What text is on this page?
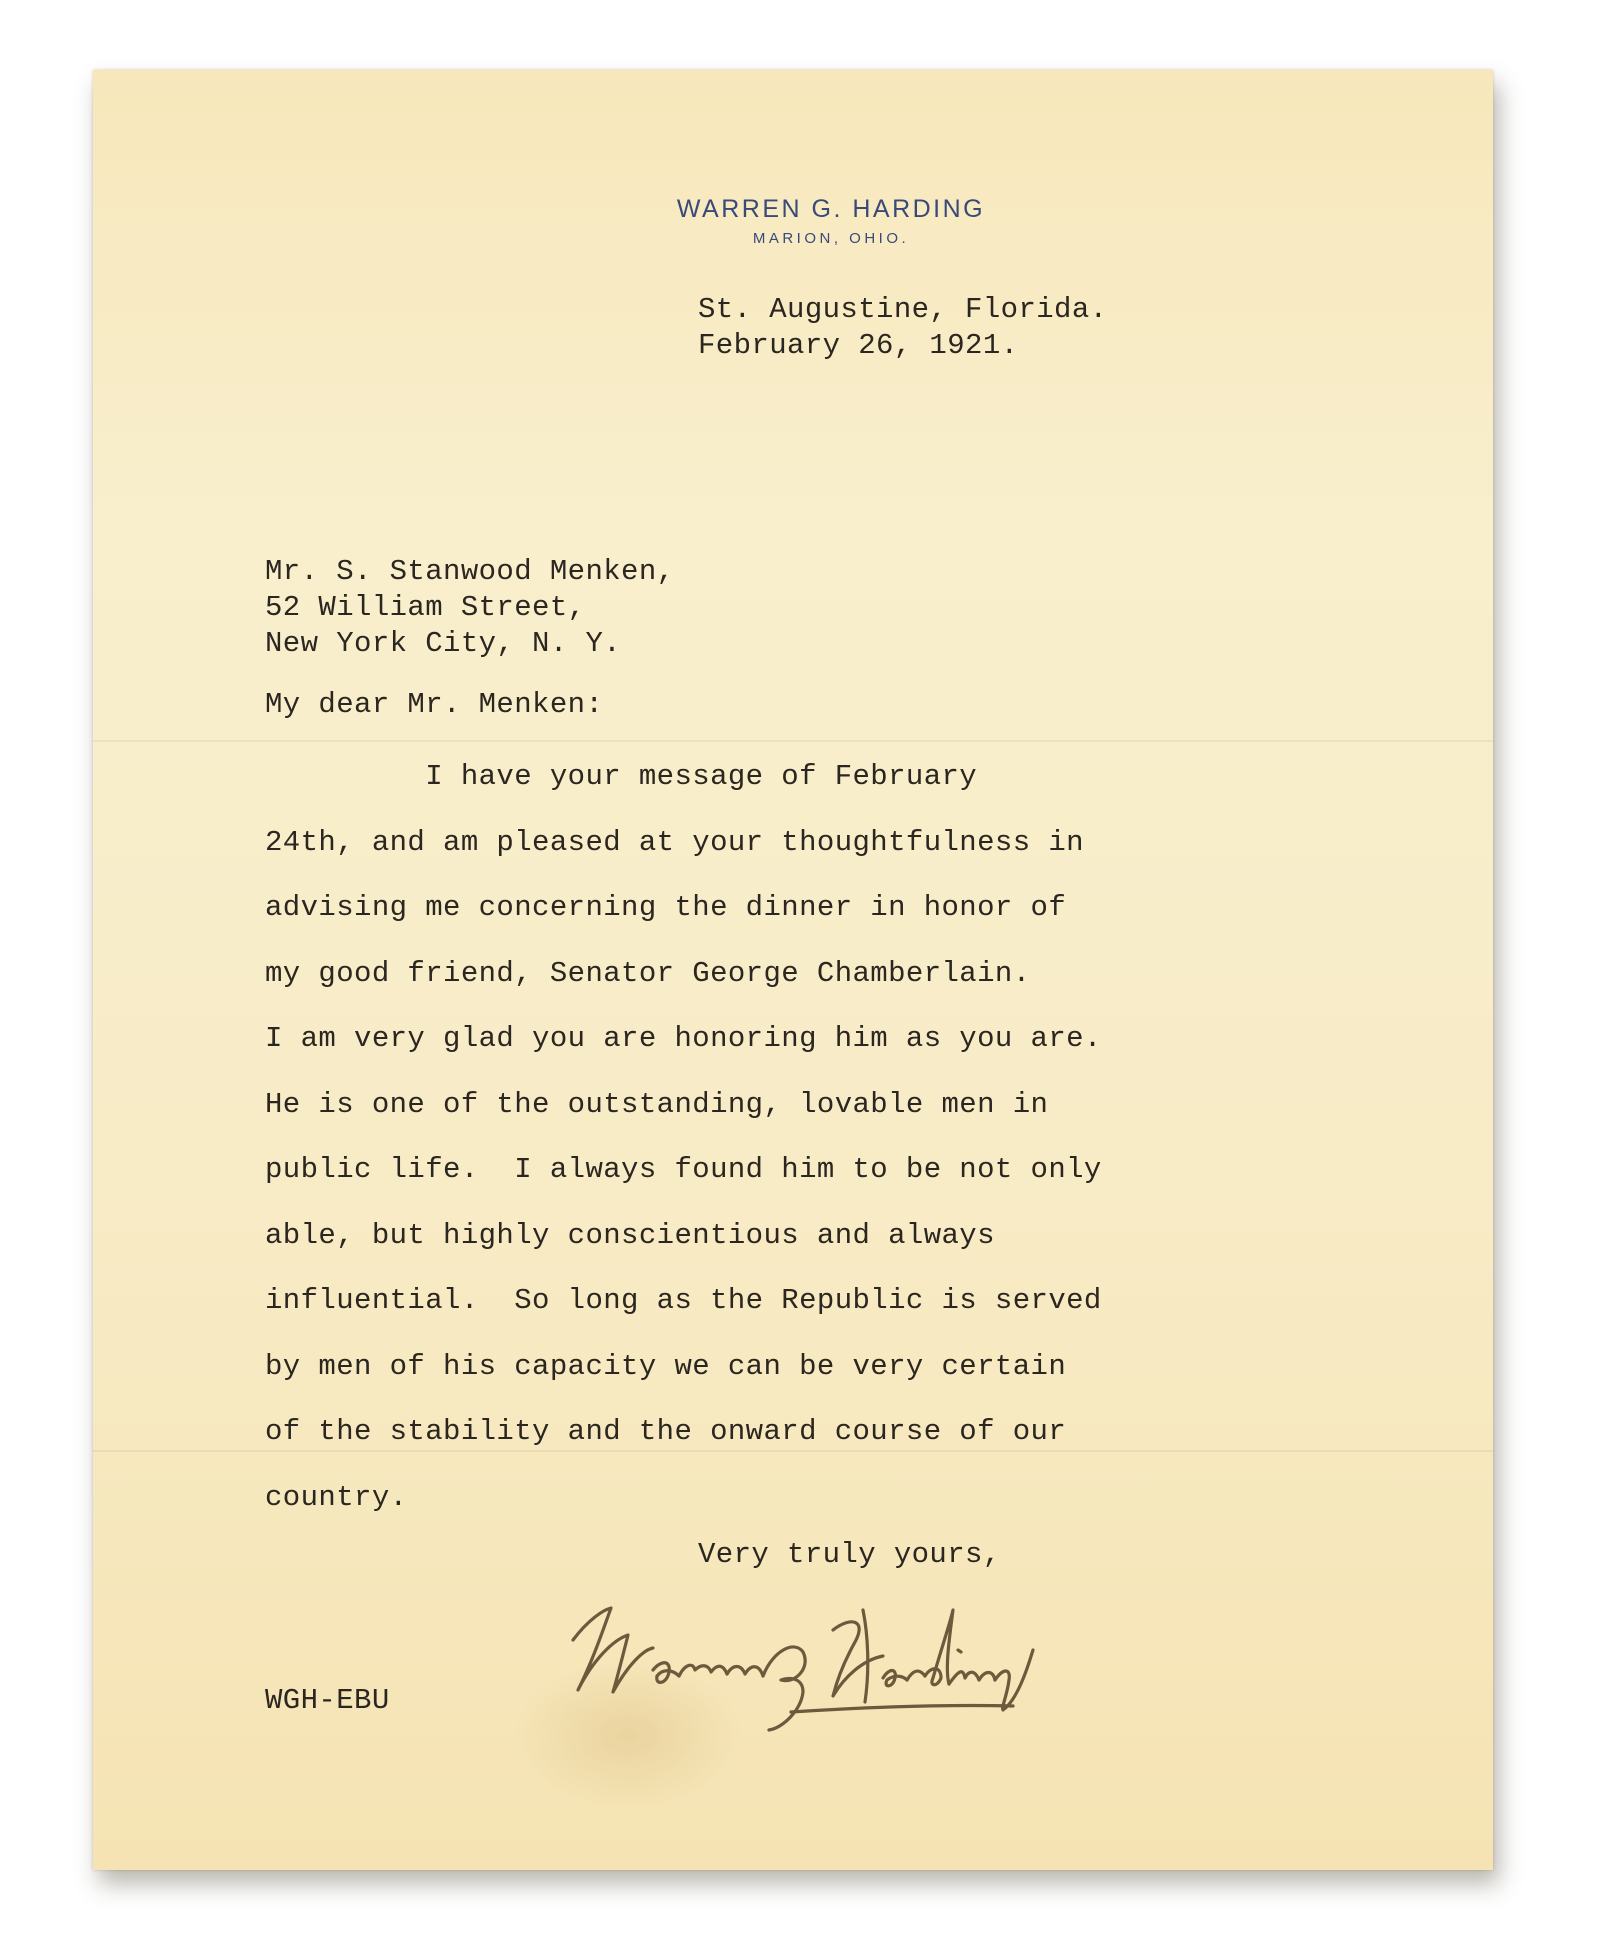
WARREN G. HARDING
MARION, OHIO.
St. Augustine, Florida.
February 26, 1921.
Mr. S. Stanwood Menken,
52 William Street,
New York City, N. Y.
My dear Mr. Menken:
I have your message of February
24th, and am pleased at your thoughtfulness in
advising me concerning the dinner in honor of
my good friend, Senator George Chamberlain.
I am very glad you are honoring him as you are.
He is one of the outstanding, lovable men in
public life.  I always found him to be not only
able, but highly conscientious and always
influential.  So long as the Republic is served
by men of his capacity we can be very certain
of the stability and the onward course of our
country.
Very truly yours,
WGH-EBU
